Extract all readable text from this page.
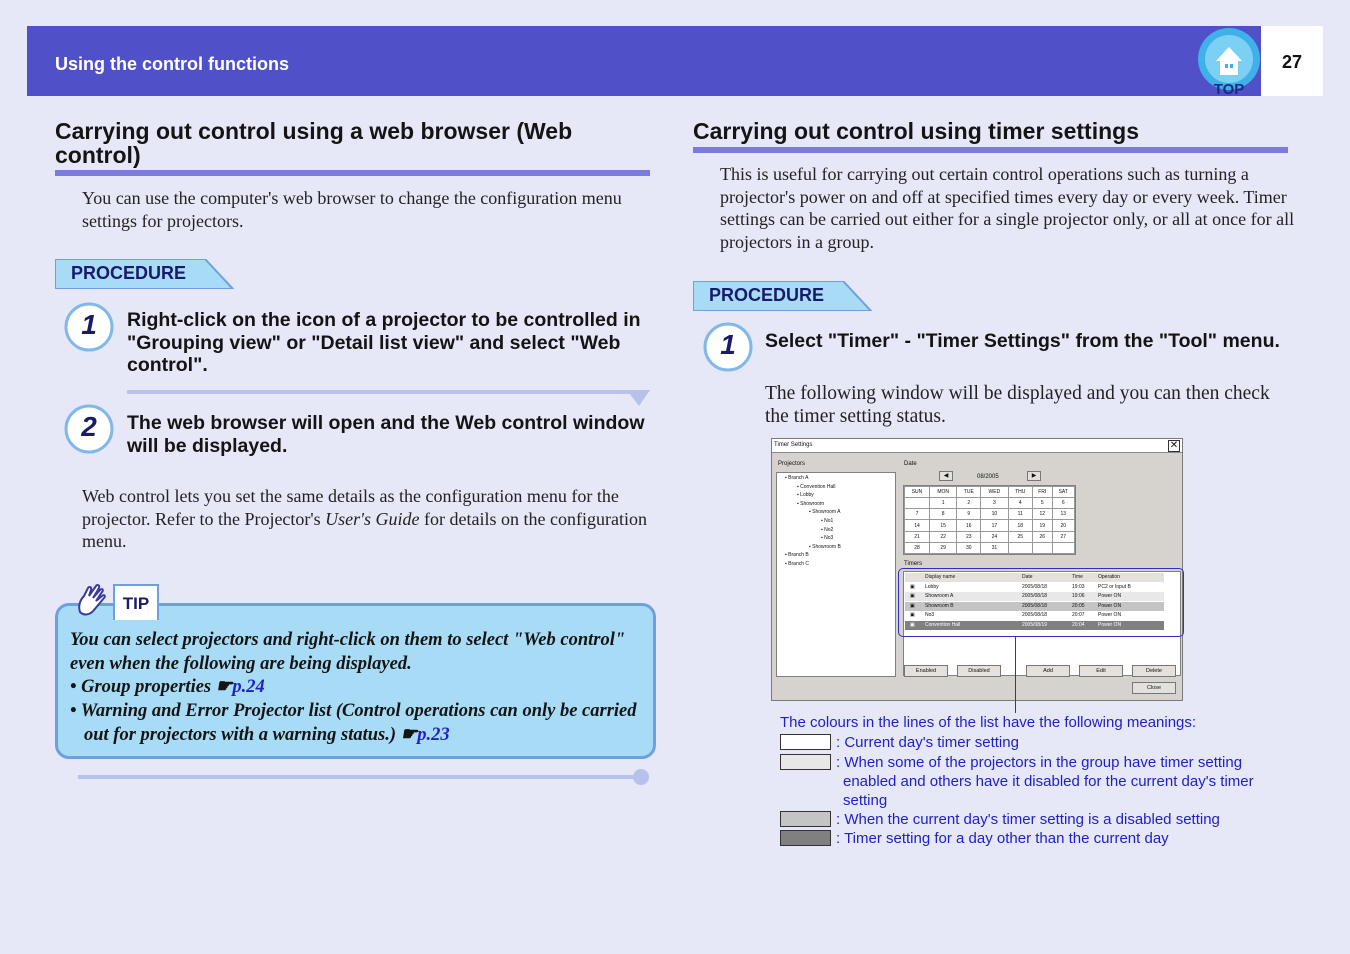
Using the control functions
TOP
27
Carrying out control using a web browser (Web control)
You can use the computer's web browser to change the configuration menu settings for projectors.
PROCEDURE
1	Right-click on the icon of a projector to be controlled in "Grouping view" or "Detail list view" and select "Web control".
2	The web browser will open and the Web control window will be displayed.
Web control lets you set the same details as the configuration menu for the projector. Refer to the Projector's User's Guide for details on the configuration menu.
You can select projectors and right-click on them to select "Web control" even when the following are being displayed.
• Group properties ☛p.24
• Warning and Error Projector list (Control operations can only be carried out for projectors with a warning status.) ☛p.23
TIP
Carrying out control using timer settings
This is useful for carrying out certain control operations such as turning a projector's power on and off at specified times every day or every week. Timer settings can be carried out either for a single projector only, or all at once for all projectors in a group.
PROCEDURE
1	Select "Timer" - "Timer Settings" from the "Tool" menu.
The following window will be displayed and you can then check the timer setting status.
Timer Settings	✕
Projectors
▪ Branch A
▪ Convention Hall
▪ Lobby
▪ Showroom
▪ Showroom A
▪ No1
▪ No2
▪ No3
▪ Showroom B
▪ Branch B
▪ Branch C
Date
◀	08/2005	▶
SUN	MON	TUE	WED	THU	FRI	SAT
	1	2	3	4	5	6
7	8	9	10	11	12	13
14	15	16	17	18	19	20
21	22	23	24	25	26	27
28	29	30	31			
Timers
Display name	Date	Time	Operation
▣ Lobby	2005/08/18	19:03	PC2 or Input B
▣ Showroom A	2005/08/18	19:06	Power ON
▣ Showroom B	2005/08/18	20:05	Power ON
▣ No3	2005/08/18	20:07	Power ON
▣ Convention Hall	2005/08/19	20:04	Power ON
Enabled	Disabled	Add	Edit	Delete
Close
The colours in the lines of the list have the following meanings:
: Current day's timer setting
: When some of the projectors in the group have timer setting enabled and others have it disabled for the current day's timer setting
: When the current day's timer setting is a disabled setting
: Timer setting for a day other than the current day
